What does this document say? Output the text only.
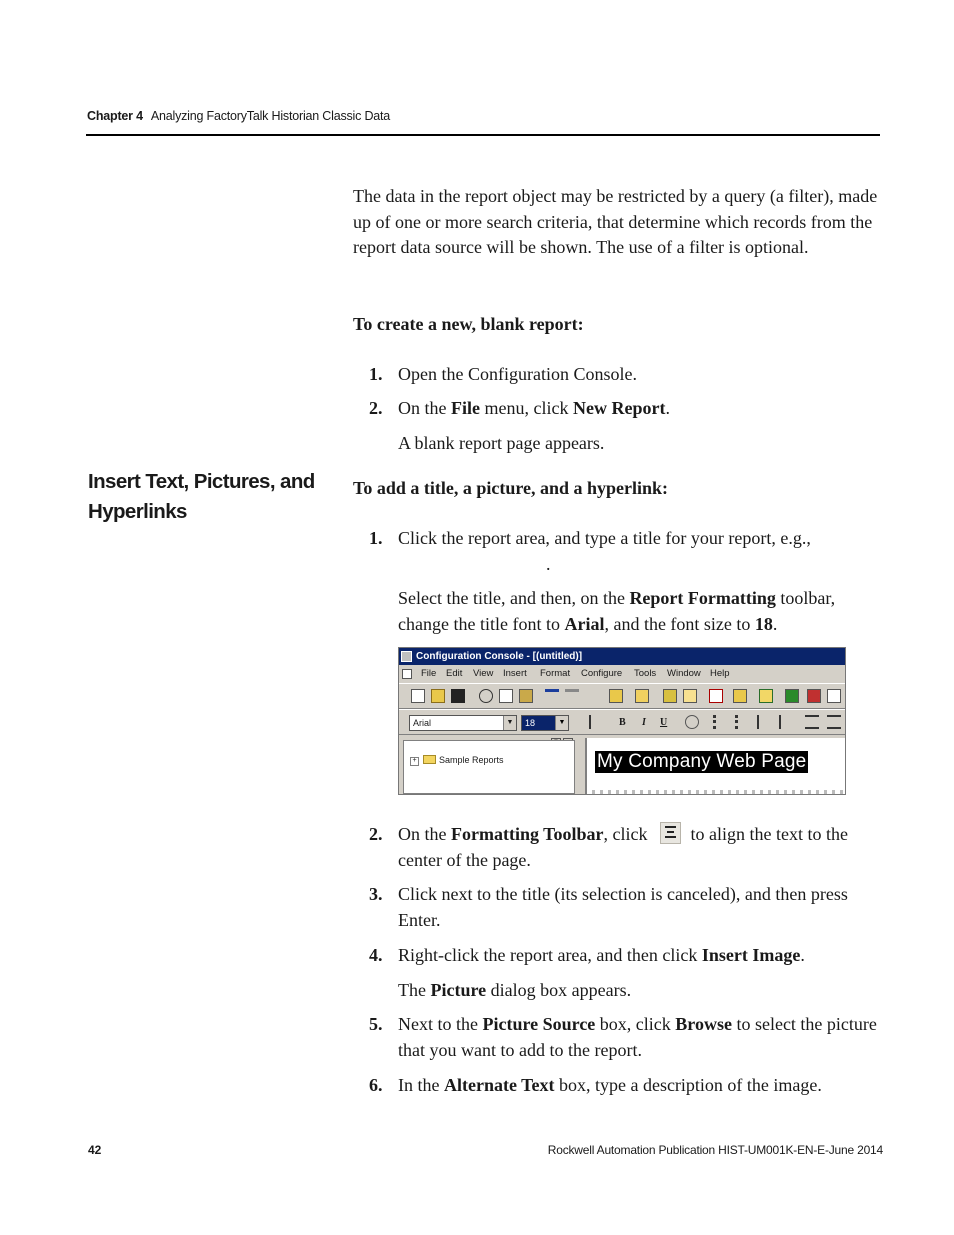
Chapter 4 Analyzing FactoryTalk Historian Classic Data
The data in the report object may be restricted by a query (a filter), made up of one or more search criteria, that determine which records from the report data source will be shown. The use of a filter is optional.
To create a new, blank report:
1. Open the Configuration Console.
2. On the File menu, click New Report.
A blank report page appears.
Insert Text, Pictures, and Hyperlinks
To add a title, a picture, and a hyperlink:
1. Click the report area, and type a title for your report, e.g.,
.
Select the title, and then, on the Report Formatting toolbar, change the title font to Arial, and the font size to 18.
Configuration Console - [(untitled)]
File Edit View Insert Format Configure Tools Window Help
Arial	▼	18	▼	B I U
+ Sample Reports	My Company Web Page
2. On the Formatting Toolbar, click to align the text to the center of the page.
3. Click next to the title (its selection is canceled), and then press Enter.
4. Right-click the report area, and then click Insert Image.
The Picture dialog box appears.
5. Next to the Picture Source box, click Browse to select the picture that you want to add to the report.
6. In the Alternate Text box, type a description of the image.
42	Rockwell Automation Publication HIST-UM001K-EN-E-June 2014
